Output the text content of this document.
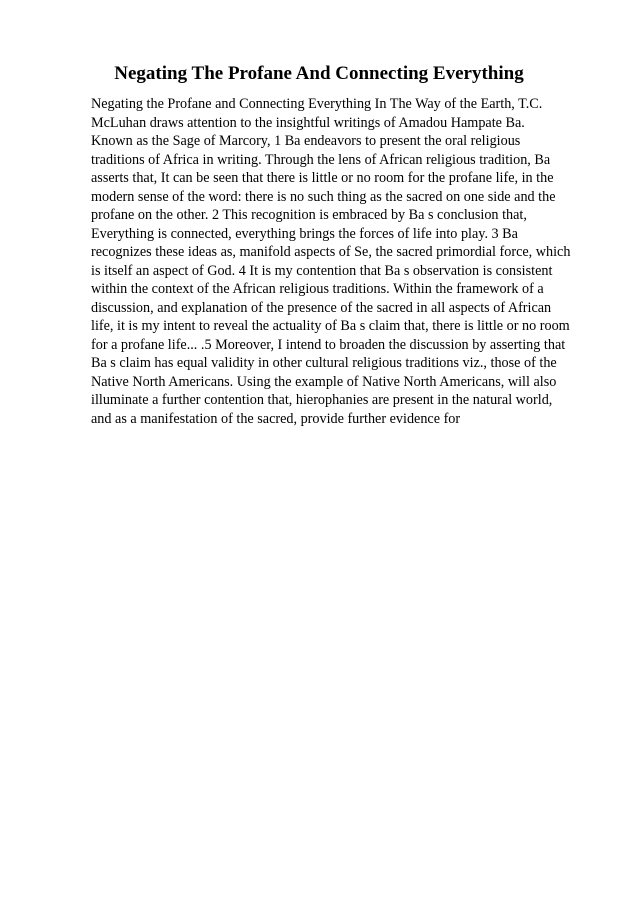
Negating The Profane And Connecting Everything
Negating the Profane and Connecting Everything In The Way of the Earth, T.C.
McLuhan draws attention to the insightful writings of Amadou Hampate Ba.
Known as the Sage of Marcory, 1 Ba endeavors to present the oral religious
traditions of Africa in writing. Through the lens of African religious tradition, Ba
asserts that, It can be seen that there is little or no room for the profane life, in the
modern sense of the word: there is no such thing as the sacred on one side and the
profane on the other. 2 This recognition is embraced by Ba s conclusion that,
Everything is connected, everything brings the forces of life into play. 3 Ba
recognizes these ideas as, manifold aspects of Se, the sacred primordial force, which
is itself an aspect of God. 4 It is my contention that Ba s observation is consistent
within the context of the African religious traditions. Within the framework of a
discussion, and explanation of the presence of the sacred in all aspects of African
life, it is my intent to reveal the actuality of Ba s claim that, there is little or no room
for a profane life... .5 Moreover, I intend to broaden the discussion by asserting that
Ba s claim has equal validity in other cultural religious traditions viz., those of the
Native North Americans. Using the example of Native North Americans, will also
illuminate a further contention that, hierophanies are present in the natural world,
and as a manifestation of the sacred, provide further evidence for
